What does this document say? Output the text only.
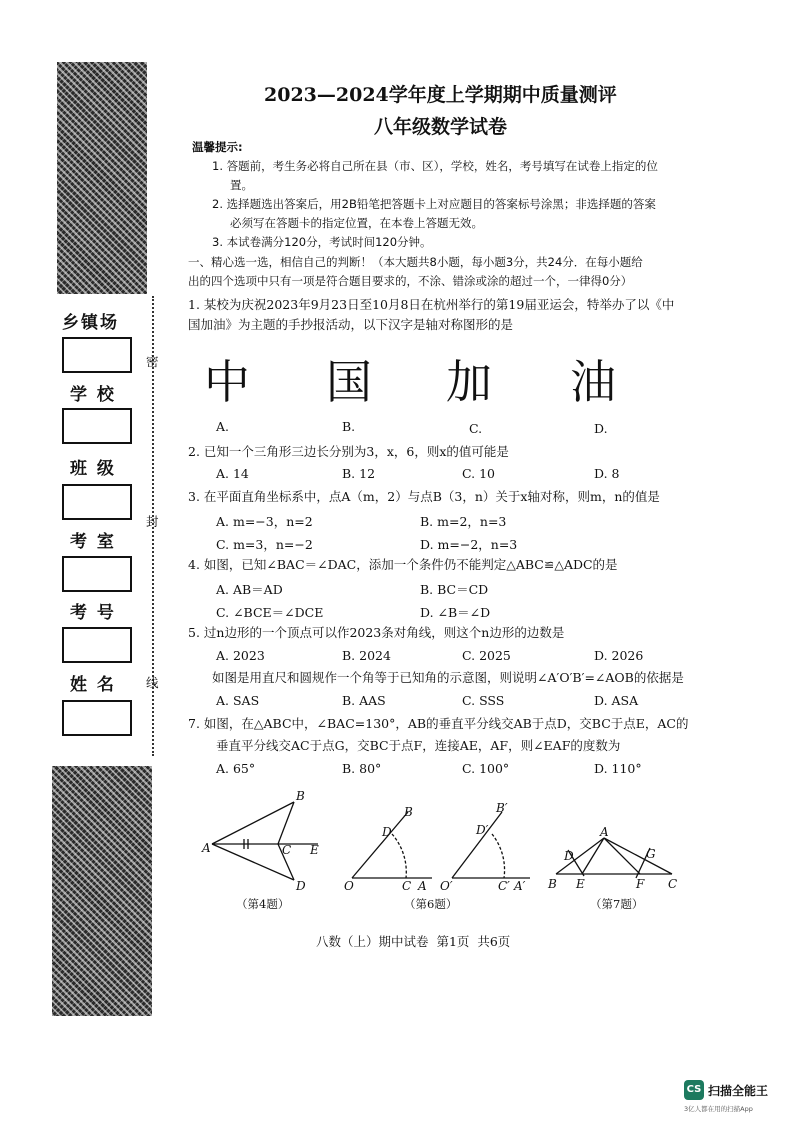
乡镇场
学 校
班 级
考 室
考 号
姓 名
密
封
线
2023—2024学年度上学期期中质量测评
八年级数学试卷
温馨提示:
1. 答题前，考生务必将自己所在县（市、区），学校，姓名，考号填写在试卷上指定的位
置。
2. 选择题选出答案后，用2B铅笔把答题卡上对应题目的答案标号涂黑；非选择题的答案
必须写在答题卡的指定位置，在本卷上答题无效。
3. 本试卷满分120分，考试时间120分钟。
一、精心选一选，相信自己的判断！（本大题共8小题，每小题3分，共24分．在每小题给
出的四个选项中只有一项是符合题目要求的，不涂、错涂或涂的超过一个，一律得0分）
1. 某校为庆祝2023年9月23日至10月8日在杭州举行的第19届亚运会，特举办了以《中
国加油》为主题的手抄报活动，以下汉字是轴对称图形的是
中 国 加 油
A.	B.	C.	D.
2. 已知一个三角形三边长分别为3，x，6，则x的值可能是
A. 14	B. 12	C. 10	D. 8
3. 在平面直角坐标系中，点A（m，2）与点B（3，n）关于x轴对称，则m，n的值是
A. m=−3，n=2	B. m=2，n=3
C. m=3，n=−2	D. m=−2，n=3
4. 如图，已知∠BAC＝∠DAC，添加一个条件仍不能判定△ABC≌△ADC的是
A. AB＝AD	B. BC＝CD
C. ∠BCE＝∠DCE	D. ∠B＝∠D
5. 过n边形的一个顶点可以作2023条对角线，则这个n边形的边数是
A. 2023	B. 2024	C. 2025	D. 2026
如图是用直尺和圆规作一个角等于已知角的示意图，则说明∠A′O′B′=∠AOB的依据是
A. SAS	B. AAS	C. SSS	D. ASA
7. 如图，在△ABC中，∠BAC=130°，AB的垂直平分线交AB于点D，交BC于点E，AC的
垂直平分线交AC于点G，交BC于点F，连接AE，AF，则∠EAF的度数为
A. 65°	B. 80°	C. 100°	D. 110°
A
B
C E
D
（第4题）
B
D
O	C A
B′
D′
O′	C′ A′
（第6题）
A
D	G
B E	F C
（第7题）
八数（上）期中试卷  第1页  共6页
CS 扫描全能王
3亿人都在用的扫描App
